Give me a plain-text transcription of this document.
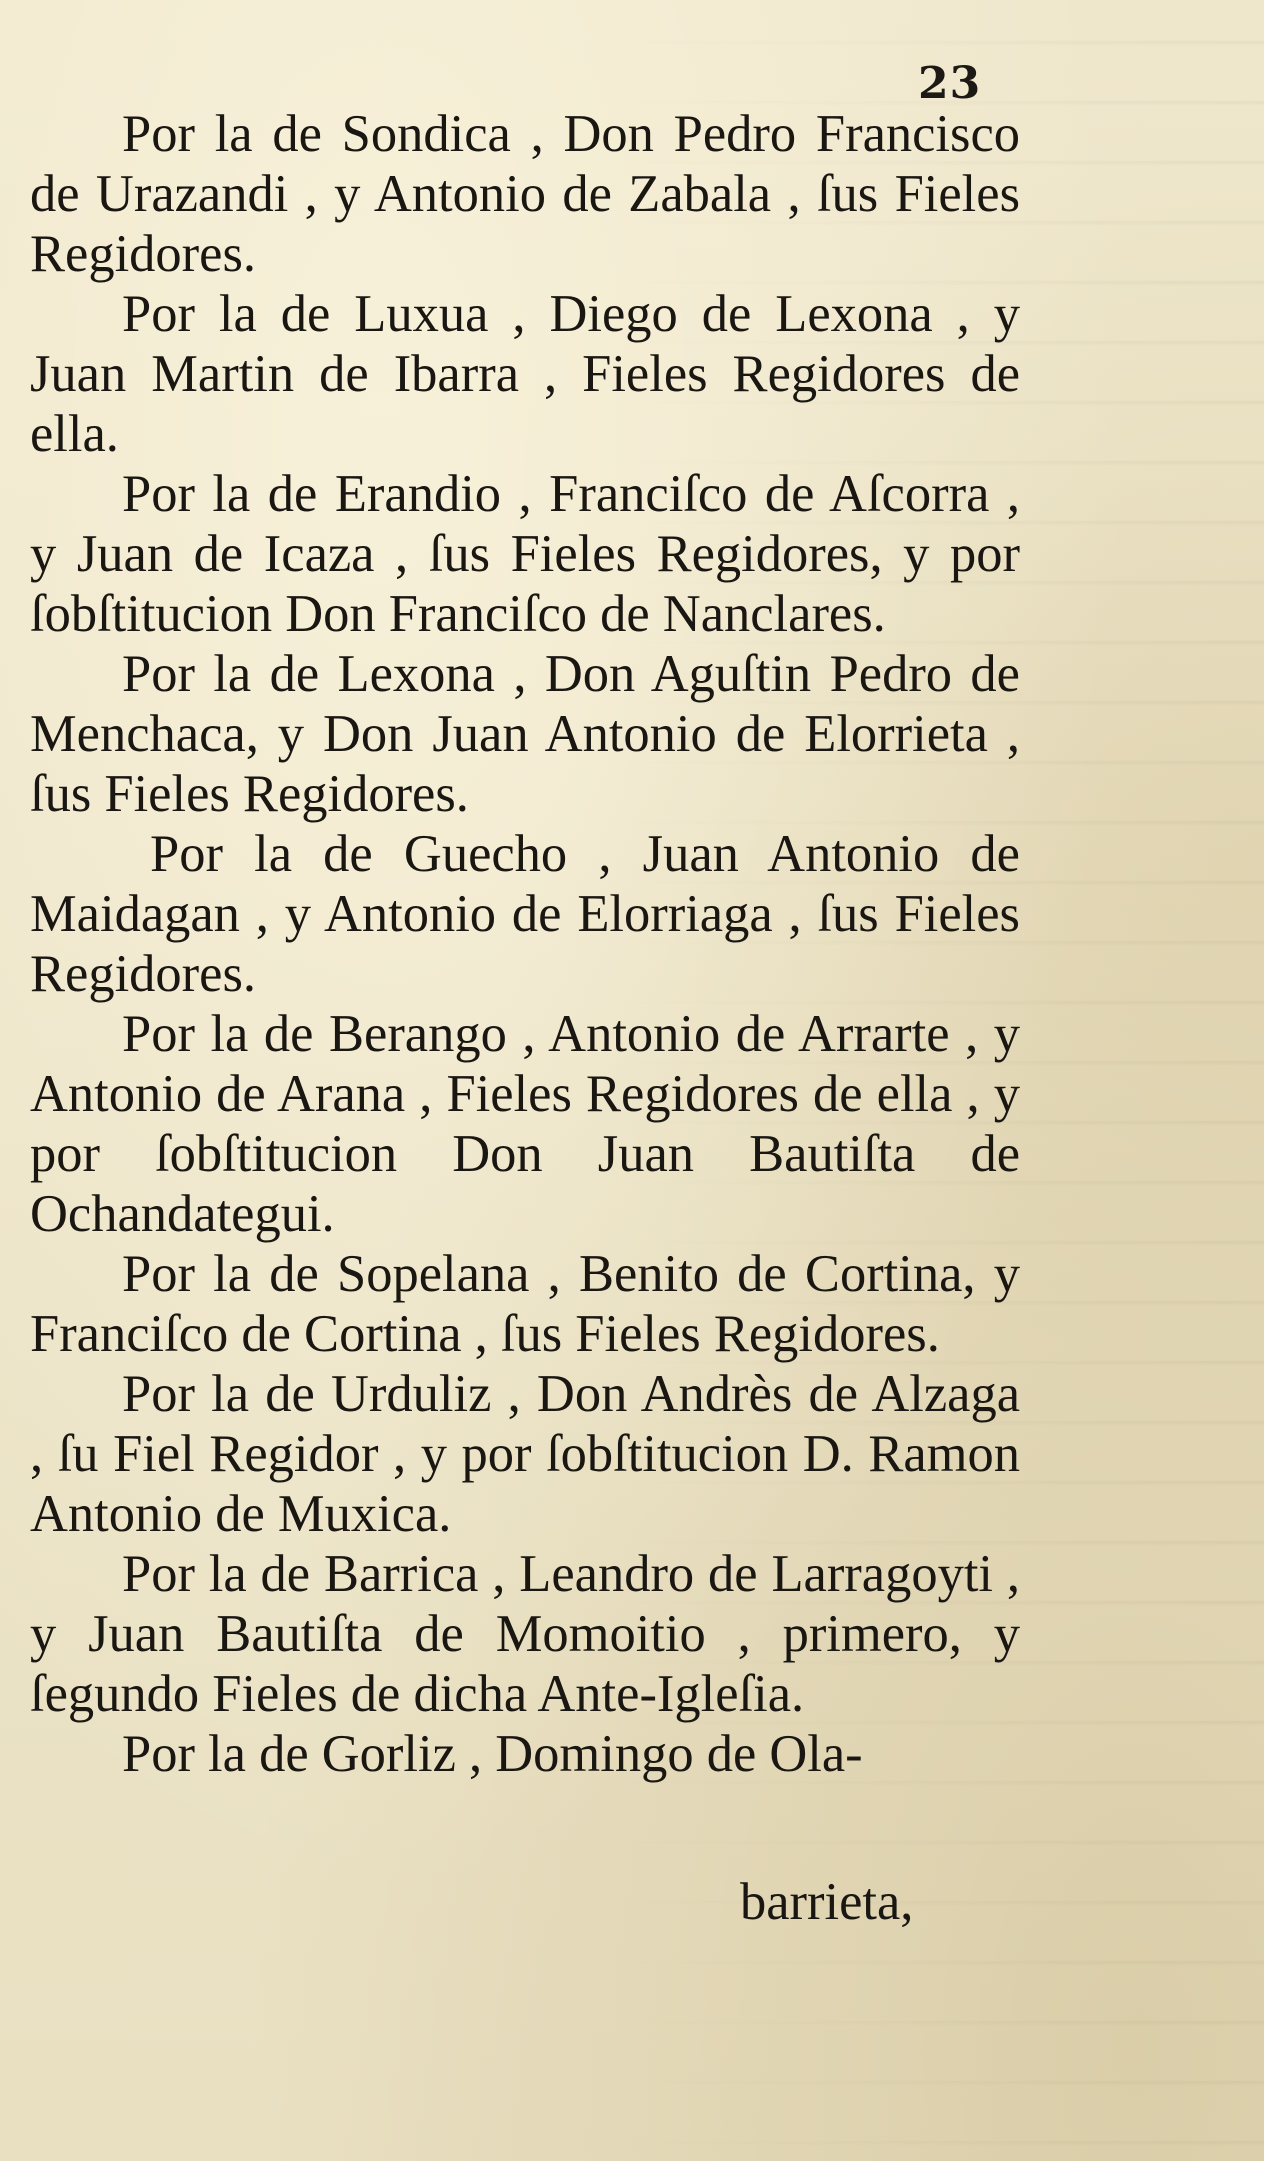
23

Por la de Sondica , Don Pedro Francisco de Urazandi , y Antonio de Zabala , ſus Fieles Regidores.

Por la de Luxua , Diego de Lexona , y Juan Martin de Ibarra , Fieles Regidores de ella.

Por la de Erandio , Franciſco de Aſcorra , y Juan de Icaza , ſus Fieles Regidores, y por ſobſtitucion Don Franciſco de Nanclares.

Por la de Lexona , Don Aguſtin Pedro de Menchaca, y Don Juan Antonio de Elorrieta , ſus Fieles Regidores.

Por la de Guecho , Juan Antonio de Maidagan , y Antonio de Elorriaga , ſus Fieles Regidores.

Por la de Berango , Antonio de Arrarte , y Antonio de Arana , Fieles Regidores de ella , y por ſobſtitucion Don Juan Bautiſta de Ochandategui.

Por la de Sopelana , Benito de Cortina, y Franciſco de Cortina , ſus Fieles Regidores.

Por la de Urduliz , Don Andrès de Alzaga , ſu Fiel Regidor , y por ſobſtitucion D. Ramon Antonio de Muxica.

Por la de Barrica , Leandro de Larragoyti , y Juan Bautiſta de Momoitio , primero, y ſegundo Fieles de dicha Ante-Igleſia.

Por la de Gorliz , Domingo de Ola-

barrieta,
